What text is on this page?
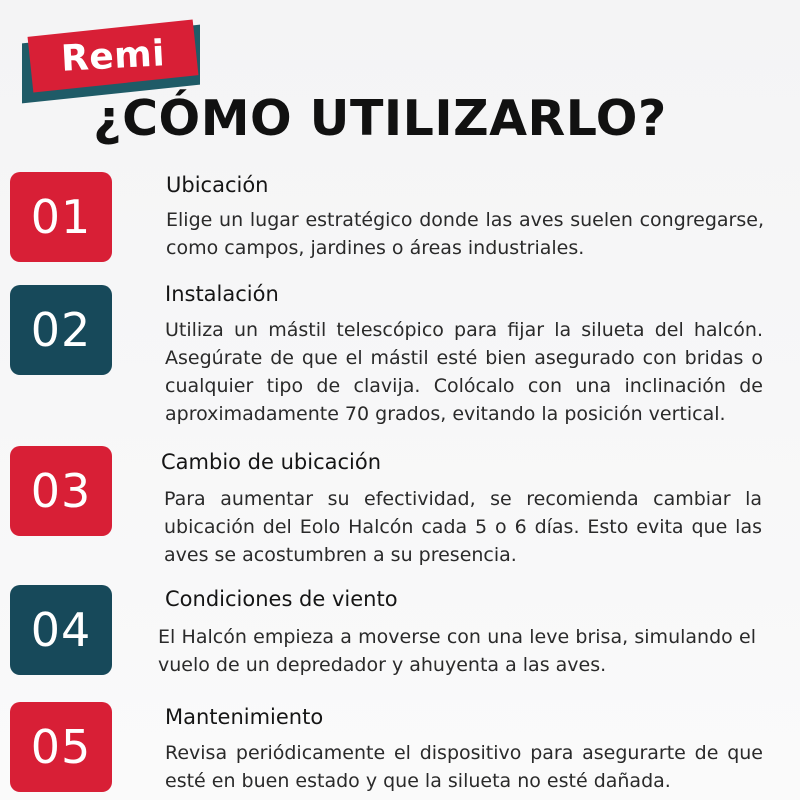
Remi
¿CÓMO UTILIZARLO?
01
Ubicación

Elige un lugar estratégico donde las aves suelen congregarse, como campos, jardines o áreas industriales.

02
Instalación

Utiliza un mástil telescópico para fijar la silueta del halcón. Asegúrate de que el mástil esté bien asegurado con bridas o cualquier tipo de clavija. Colócalo con una inclinación de aproximadamente 70 grados, evitando la posición vertical.

03
Cambio de ubicación

Para aumentar su efectividad, se recomienda cambiar la ubicación del Eolo Halcón cada 5 o 6 días. Esto evita que las aves se acostumbren a su presencia.

04
Condiciones de viento

El Halcón empieza a moverse con una leve brisa, simulando el vuelo de un depredador y ahuyenta a las aves.

05
Mantenimiento

Revisa periódicamente el dispositivo para asegurarte de que esté en buen estado y que la silueta no esté dañada.
